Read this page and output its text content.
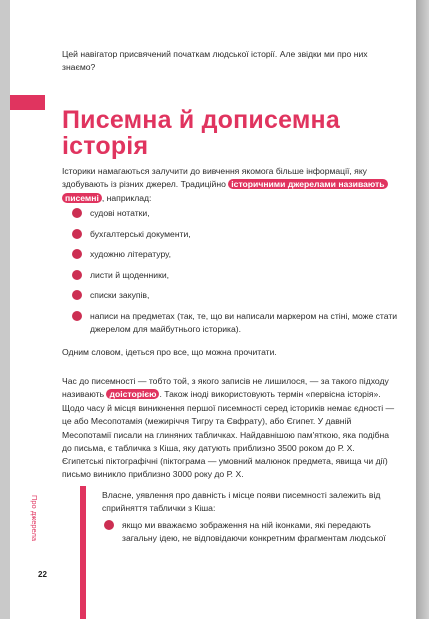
Цей навігатор присвячений початкам людської історії. Але звідки ми про них знаємо?

Писемна й дописемна історія

Історики намагаються залучити до вивчення якомога більше інформації, яку здобувають із різних джерел. Традиційно історичними джерелами називають писемні , наприклад:

судові нотатки,
бухгалтерські документи,
художню літературу,
листи й щоденники,
списки закупів,
написи на предметах (так, те, що ви написали маркером на стіні, може стати джерелом для майбутнього історика).

Одним словом, ідеться про все, що можна прочитати.

Час до писемності — тобто той, з якого записів не лишилося, — за такого підходу називають доісторією . Також іноді використовують термін «первісна історія».

Щодо часу й місця виникнення першої писемності серед істориків немає єдності — це або Месопотамія (межиріччя Тигру та Євфрату), або Єгипет. У давній Месопотамії писали на глиняних табличках. Найдавнішою пам'яткою, яка подібна до письма, є табличка з Кіша, яку датують приблизно 3500 роком до Р. Х. Єгипетські піктографічні (піктограма — умовний малюнок предмета, явища чи дії) письмо виникло приблизно 3000 року до Р. Х.

Власне, уявлення про давність і місце появи писемності залежить від сприйняття таблички з Кіша:

якщо ми вважаємо зображення на ній іконками, які передають загальну ідею, не відповідаючи конкретним фрагментам людської
Про джерела
22
